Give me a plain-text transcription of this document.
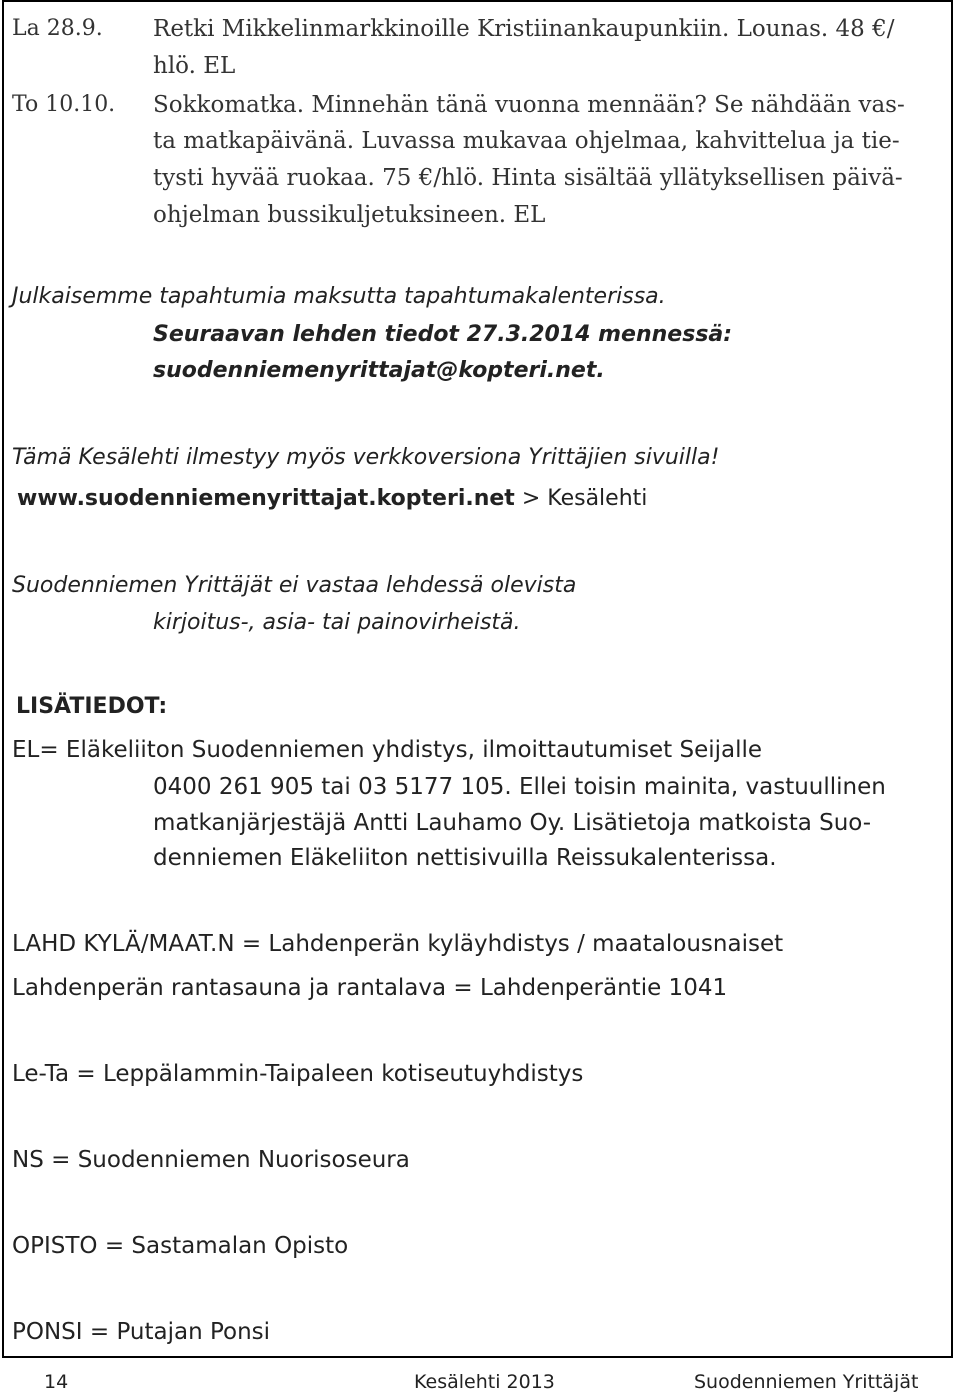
La 28.9. Retki Mikkelinmarkkinoille Kristiinankaupunkiin. Lounas. 48 €/
hlö. EL
To 10.10. Sokkomatka. Minnehän tänä vuonna mennään? Se nähdään vas-
ta matkapäivänä. Luvassa mukavaa ohjelmaa, kahvittelua ja tie-
tysti hyvää ruokaa. 75 €/hlö. Hinta sisältää yllätyksellisen päivä-
ohjelman bussikuljetuksineen. EL
Julkaisemme tapahtumia maksutta tapahtumakalenterissa.
Seuraavan lehden tiedot 27.3.2014 mennessä:
suodenniemenyrittajat@kopteri.net.
Tämä Kesälehti ilmestyy myös verkkoversiona Yrittäjien sivuilla!
www.suodenniemenyrittajat.kopteri.net > Kesälehti
Suodenniemen Yrittäjät ei vastaa lehdessä olevista
kirjoitus-, asia- tai painovirheistä.
LISÄTIEDOT:
EL= Eläkeliiton Suodenniemen yhdistys, ilmoittautumiset Seijalle
0400 261 905 tai 03 5177 105. Ellei toisin mainita, vastuullinen
matkanjärjestäjä Antti Lauhamo Oy. Lisätietoja matkoista Suo-
denniemen Eläkeliiton nettisivuilla Reissukalenterissa.
LAHD KYLÄ/MAAT.N = Lahdenperän kyläyhdistys / maatalousnaiset
Lahdenperän rantasauna ja rantalava = Lahdenperäntie 1041
Le-Ta = Leppälammin-Taipaleen kotiseutuyhdistys
NS = Suodenniemen Nuorisoseura
OPISTO = Sastamalan Opisto
PONSI = Putajan Ponsi
14	Kesälehti 2013	Suodenniemen Yrittäjät
